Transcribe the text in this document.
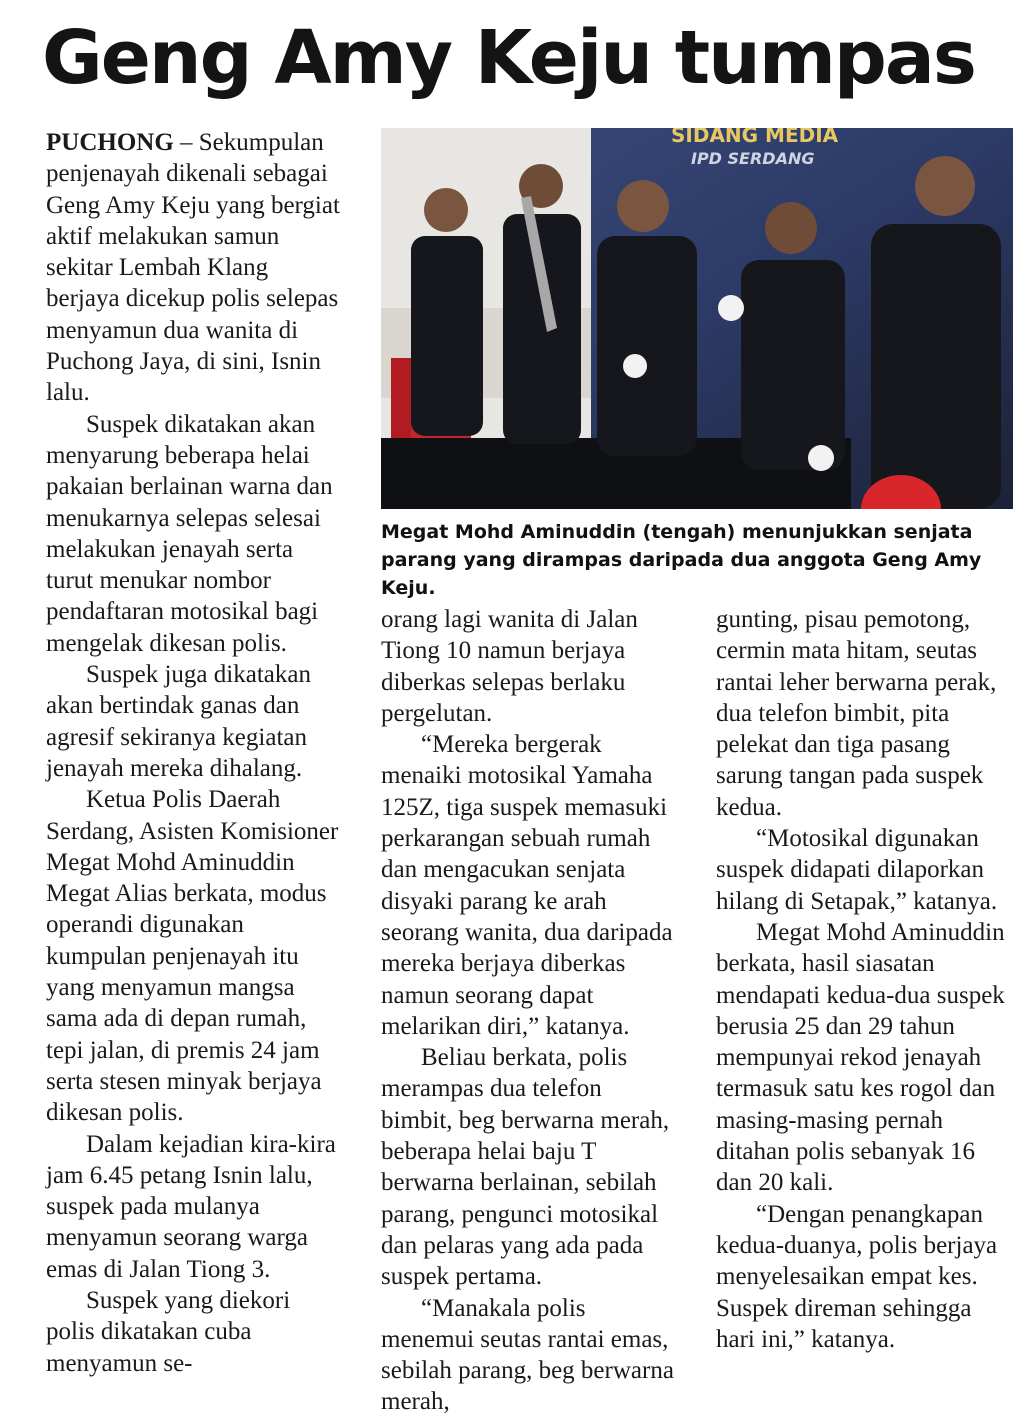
Geng Amy Keju tumpas

PUCHONG – Sekumpulan penjenayah dikenali sebagai Geng Amy Keju yang bergiat aktif melakukan samun sekitar Lembah Klang berjaya dicekup polis selepas menyamun dua wanita di Puchong Jaya, di sini, Isnin lalu.

Suspek dikatakan akan menyarung beberapa helai pakaian berlainan warna dan menukarnya selepas selesai melakukan jenayah serta turut menukar nombor pendaftaran motosikal bagi mengelak dikesan polis.

Suspek juga dikatakan akan bertindak ganas dan agresif sekiranya kegiatan jenayah mereka dihalang.

Ketua Polis Daerah Serdang, Asisten Komisioner Megat Mohd Aminuddin Megat Alias berkata, modus operandi digunakan kumpulan penjenayah itu yang menyamun mangsa sama ada di depan rumah, tepi jalan, di premis 24 jam serta stesen minyak berjaya dikesan polis.

Dalam kejadian kira-kira jam 6.45 petang Isnin lalu, suspek pada mulanya menyamun seorang warga emas di Jalan Tiong 3.

Suspek yang diekori polis dikatakan cuba menyamun se-

SIDANG MEDIA
IPD SERDANG

Megat Mohd Aminuddin (tengah) menunjukkan senjata parang yang dirampas daripada dua anggota Geng Amy Keju.

orang lagi wanita di Jalan Tiong 10 namun berjaya diberkas selepas berlaku pergelutan.

“Mereka bergerak menaiki motosikal Yamaha 125Z, tiga suspek memasuki perkarangan sebuah rumah dan mengacukan senjata disyaki parang ke arah seorang wanita, dua daripada mereka berjaya diberkas namun seorang dapat melarikan diri,” katanya.

Beliau berkata, polis merampas dua telefon bimbit, beg berwarna merah, beberapa helai baju T berwarna berlainan, sebilah parang, pengunci motosikal dan pelaras yang ada pada suspek pertama.

“Manakala polis menemui seutas rantai emas, sebilah parang, beg berwarna merah,

gunting, pisau pemotong, cermin mata hitam, seutas rantai leher berwarna perak, dua telefon bimbit, pita pelekat dan tiga pasang sarung tangan pada suspek kedua.

“Motosikal digunakan suspek didapati dilaporkan hilang di Setapak,” katanya.

Megat Mohd Aminuddin berkata, hasil siasatan mendapati kedua-dua suspek berusia 25 dan 29 tahun mempunyai rekod jenayah termasuk satu kes rogol dan masing-masing pernah ditahan polis sebanyak 16 dan 20 kali.

“Dengan penangkapan kedua-duanya, polis berjaya menyelesaikan empat kes. Suspek direman sehingga hari ini,” katanya.
